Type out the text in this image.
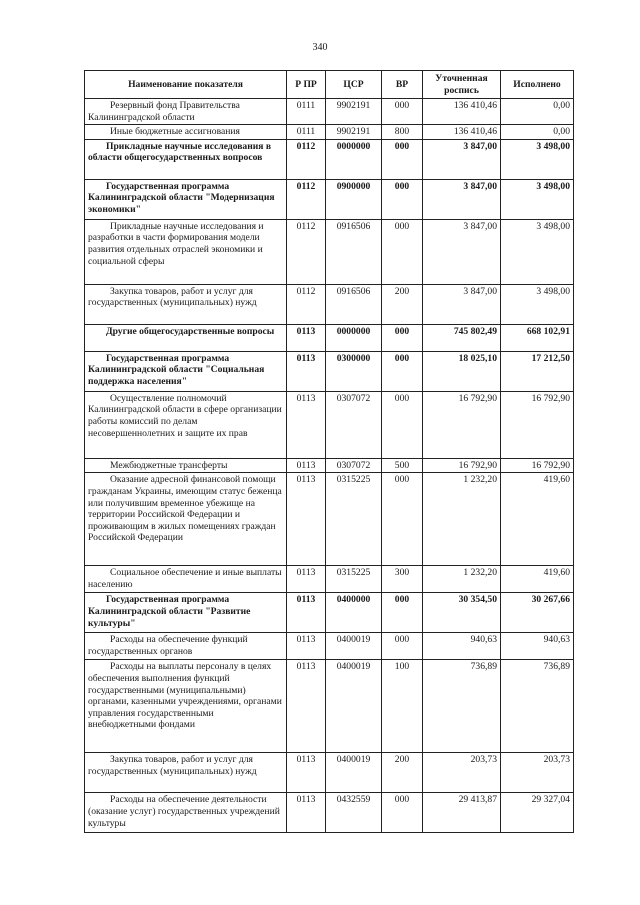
340
Наименование показателя	Р ПР	ЦСР	ВР	Уточненная роспись	Исполнено
Резервный фонд Правительства Калининградской области	0111	9902191	000	136 410,46	0,00
Иные бюджетные ассигнования	0111	9902191	800	136 410,46	0,00
Прикладные научные исследования в области общегосударственных вопросов	0112	0000000	000	3 847,00	3 498,00
Государственная программа Калининградской области "Модернизация экономики"	0112	0900000	000	3 847,00	3 498,00
Прикладные научные исследования и разработки в части формирования модели развития отдельных отраслей экономики и социальной сферы	0112	0916506	000	3 847,00	3 498,00
Закупка товаров, работ и услуг для государственных (муниципальных) нужд	0112	0916506	200	3 847,00	3 498,00
Другие общегосударственные вопросы	0113	0000000	000	745 802,49	668 102,91
Государственная программа Калининградской области "Социальная поддержка населения"	0113	0300000	000	18 025,10	17 212,50
Осуществление полномочий Калининградской области в сфере организации работы комиссий по делам несовершеннолетних и защите их прав	0113	0307072	000	16 792,90	16 792,90
Межбюджетные трансферты	0113	0307072	500	16 792,90	16 792,90
Оказание адресной финансовой помощи гражданам Украины, имеющим статус беженца или получившим временное убежище на территории Российской Федерации и проживающим в жилых помещениях граждан Российской Федерации	0113	0315225	000	1 232,20	419,60
Социальное обеспечение и иные выплаты населению	0113	0315225	300	1 232,20	419,60
Государственная программа Калининградской области "Развитие культуры"	0113	0400000	000	30 354,50	30 267,66
Расходы на обеспечение функций государственных органов	0113	0400019	000	940,63	940,63
Расходы на выплаты персоналу в целях обеспечения выполнения функций государственными (муниципальными) органами, казенными учреждениями, органами управления государственными внебюджетными фондами	0113	0400019	100	736,89	736,89
Закупка товаров, работ и услуг для государственных (муниципальных) нужд	0113	0400019	200	203,73	203,73
Расходы на обеспечение деятельности (оказание услуг) государственных учреждений культуры	0113	0432559	000	29 413,87	29 327,04
